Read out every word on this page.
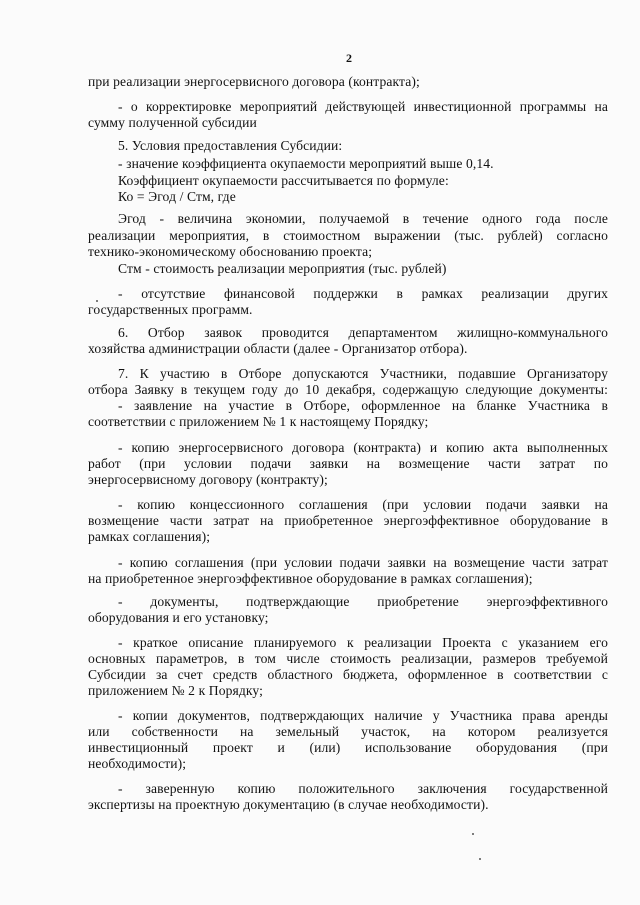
2
при реализации энергосервисного договора (контракта);
- о корректировке мероприятий действующей инвестиционной программы на
сумму полученной субсидии
5. Условия предоставления Субсидии:
- значение коэффициента окупаемости мероприятий выше 0,14.
Коэффициент окупаемости рассчитывается по формуле:
Ко = Эгод / Стм, где
Эгод - величина экономии, получаемой в течение одного года после
реализации мероприятия, в стоимостном выражении (тыс. рублей) согласно
технико-экономическому обоснованию проекта;
Стм - стоимость реализации мероприятия (тыс. рублей)
- отсутствие финансовой поддержки в рамках реализации других
государственных программ.
6. Отбор заявок проводится департаментом жилищно-коммунального
хозяйства администрации области (далее - Организатор отбора).
7. К участию в Отборе допускаются Участники, подавшие Организатору
отбора Заявку в текущем году до 10 декабря, содержащую следующие документы:
- заявление на участие в Отборе, оформленное на бланке Участника в
соответствии с приложением № 1 к настоящему Порядку;
- копию энергосервисного договора (контракта) и копию акта выполненных
работ (при условии подачи заявки на возмещение части затрат по
энергосервисному договору (контракту);
- копию концессионного соглашения (при условии подачи заявки на
возмещение части затрат на приобретенное энергоэффективное оборудование в
рамках соглашения);
- копию соглашения (при условии подачи заявки на возмещение части затрат
на приобретенное энергоэффективное оборудование в рамках соглашения);
- документы, подтверждающие приобретение энергоэффективного
оборудования и его установку;
- краткое описание планируемого к реализации Проекта с указанием его
основных параметров, в том числе стоимость реализации, размеров требуемой
Субсидии за счет средств областного бюджета, оформленное в соответствии с
приложением № 2 к Порядку;
- копии документов, подтверждающих наличие у Участника права аренды
или собственности на земельный участок, на котором реализуется
инвестиционный проект и (или) использование оборудования (при
необходимости);
- заверенную копию положительного заключения государственной
экспертизы на проектную документацию (в случае необходимости).
